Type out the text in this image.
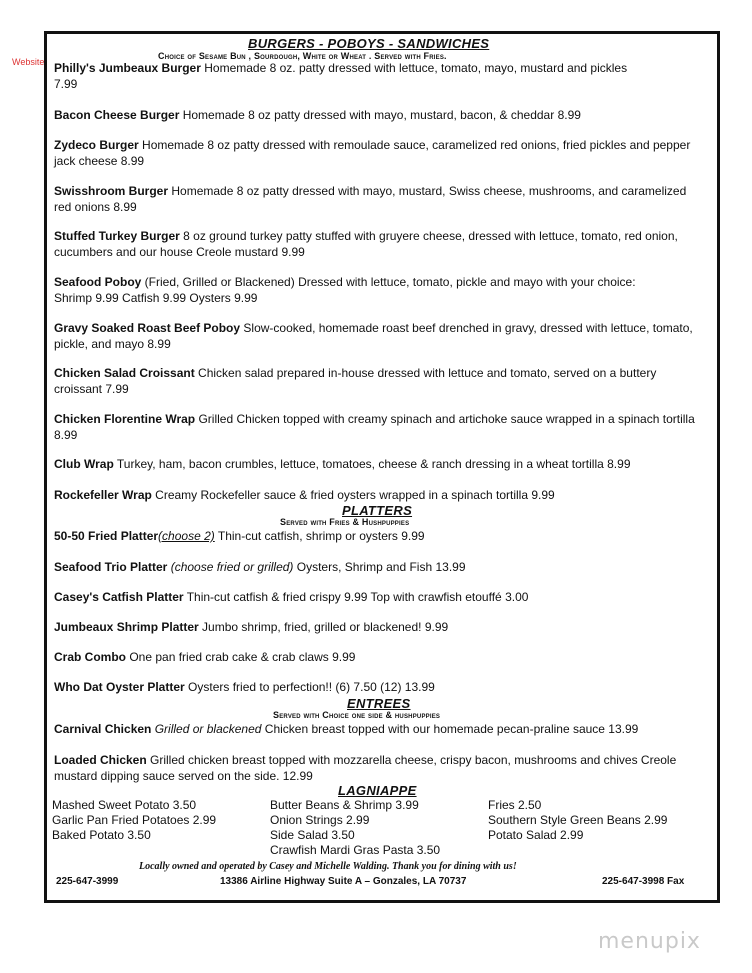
Website
BURGERS - POBOYS - SANDWICHES
Choice of Sesame Bun , Sourdough, White or Wheat . Served with Fries.
Philly's Jumbeaux Burger Homemade 8 oz. patty dressed with lettuce, tomato, mayo, mustard and pickles 7.99
Bacon Cheese Burger Homemade 8 oz patty dressed with mayo, mustard, bacon, & cheddar 8.99
Zydeco Burger Homemade 8 oz patty dressed with remoulade sauce, caramelized red onions, fried pickles and pepper jack cheese 8.99
Swisshroom Burger Homemade 8 oz patty dressed with mayo, mustard, Swiss cheese, mushrooms, and caramelized red onions 8.99
Stuffed Turkey Burger 8 oz ground turkey patty stuffed with gruyere cheese, dressed with lettuce, tomato, red onion, cucumbers and our house Creole mustard 9.99
Seafood Poboy (Fried, Grilled or Blackened) Dressed with lettuce, tomato, pickle and mayo with your choice: Shrimp 9.99 Catfish 9.99 Oysters 9.99
Gravy Soaked Roast Beef Poboy Slow-cooked, homemade roast beef drenched in gravy, dressed with lettuce, tomato, pickle, and mayo 8.99
Chicken Salad Croissant Chicken salad prepared in-house dressed with lettuce and tomato, served on a buttery croissant 7.99
Chicken Florentine Wrap Grilled Chicken topped with creamy spinach and artichoke sauce wrapped in a spinach tortilla 8.99
Club Wrap Turkey, ham, bacon crumbles, lettuce, tomatoes, cheese & ranch dressing in a wheat tortilla 8.99
Rockefeller Wrap Creamy Rockefeller sauce & fried oysters wrapped in a spinach tortilla 9.99
PLATTERS
Served with Fries & Hushpuppies
50-50 Fried Platter(choose 2) Thin-cut catfish, shrimp or oysters 9.99
Seafood Trio Platter (choose fried or grilled) Oysters, Shrimp and Fish 13.99
Casey's Catfish Platter Thin-cut catfish & fried crispy 9.99 Top with crawfish etouffé 3.00
Jumbeaux Shrimp Platter Jumbo shrimp, fried, grilled or blackened! 9.99
Crab Combo One pan fried crab cake & crab claws 9.99
Who Dat Oyster Platter Oysters fried to perfection!! (6) 7.50 (12) 13.99
ENTREES
Served with Choice one side & hushpuppies
Carnival Chicken Grilled or blackened Chicken breast topped with our homemade pecan-praline sauce 13.99
Loaded Chicken Grilled chicken breast topped with mozzarella cheese, crispy bacon, mushrooms and chives Creole mustard dipping sauce served on the side. 12.99
LAGNIAPPE
Mashed Sweet Potato 3.50
Garlic Pan Fried Potatoes 2.99
Baked Potato 3.50
Butter Beans & Shrimp 3.99
Onion Strings 2.99
Side Salad 3.50
Crawfish Mardi Gras Pasta 3.50
Fries 2.50
Southern Style Green Beans 2.99
Potato Salad 2.99
Locally owned and operated by Casey and Michelle Walding. Thank you for dining with us!
225-647-3999	13386 Airline Highway Suite A – Gonzales, LA 70737	225-647-3998 Fax
menupix
